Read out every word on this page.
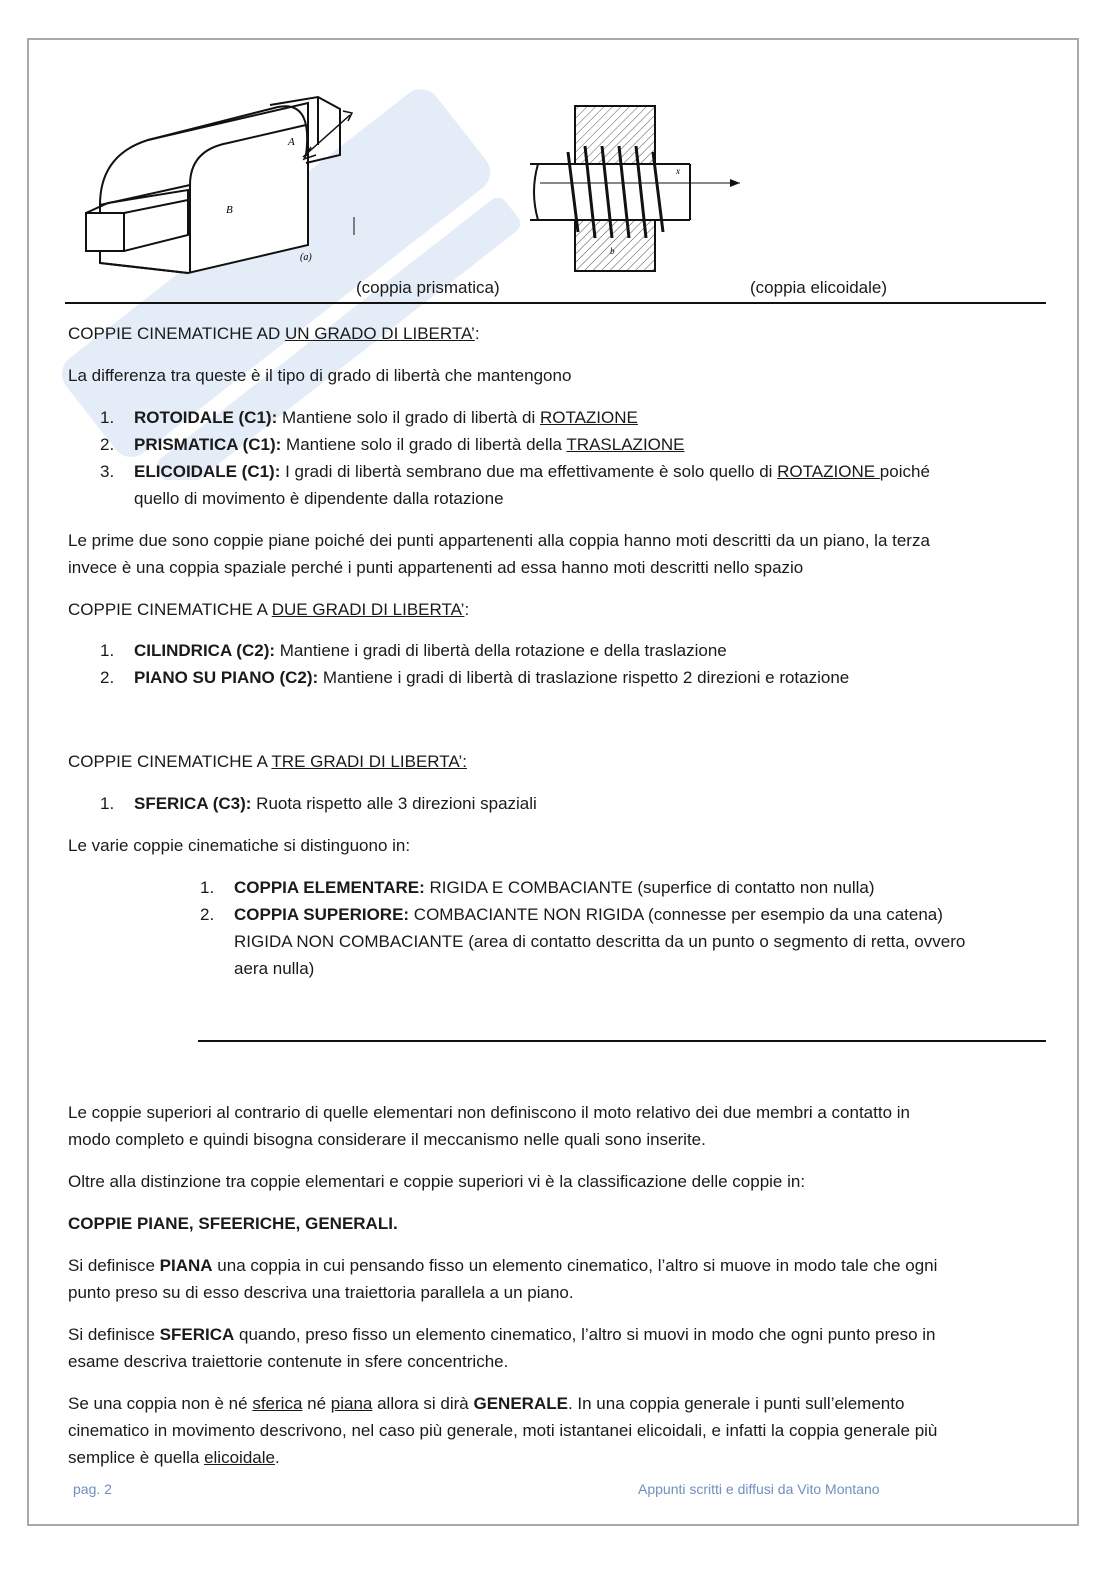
B
A
(a)
x
b
(coppia prismatica)	(coppia elicoidale)
COPPIE CINEMATICHE AD UN GRADO DI LIBERTA’:
La differenza tra queste è il tipo di grado di libertà che mantengono
1. ROTOIDALE (C1): Mantiene solo il grado di libertà di ROTAZIONE
2. PRISMATICA (C1): Mantiene solo il grado di libertà della TRASLAZIONE
3. ELICOIDALE (C1): I gradi di libertà sembrano due ma effettivamente è solo quello di ROTAZIONE poiché
quello di movimento è dipendente dalla rotazione
Le prime due sono coppie piane poiché dei punti appartenenti alla coppia hanno moti descritti da un piano, la terza
invece è una coppia spaziale perché i punti appartenenti ad essa hanno moti descritti nello spazio
COPPIE CINEMATICHE A DUE GRADI DI LIBERTA’:
1. CILINDRICA (C2): Mantiene i gradi di libertà della rotazione e della traslazione
2. PIANO SU PIANO (C2): Mantiene i gradi di libertà di traslazione rispetto 2 direzioni e rotazione
COPPIE CINEMATICHE A TRE GRADI DI LIBERTA’:
1. SFERICA (C3): Ruota rispetto alle 3 direzioni spaziali
Le varie coppie cinematiche si distinguono in:
1. COPPIA ELEMENTARE: RIGIDA E COMBACIANTE (superfice di contatto non nulla)
2. COPPIA SUPERIORE: COMBACIANTE NON RIGIDA (connesse per esempio da una catena)
RIGIDA NON COMBACIANTE (area di contatto descritta da un punto o segmento di retta, ovvero
aera nulla)
Le coppie superiori al contrario di quelle elementari non definiscono il moto relativo dei due membri a contatto in
modo completo e quindi bisogna considerare il meccanismo nelle quali sono inserite.
Oltre alla distinzione tra coppie elementari e coppie superiori vi è la classificazione delle coppie in:
COPPIE PIANE, SFEERICHE, GENERALI.
Si definisce PIANA una coppia in cui pensando fisso un elemento cinematico, l’altro si muove in modo tale che ogni
punto preso su di esso descriva una traiettoria parallela a un piano.
Si definisce SFERICA quando, preso fisso un elemento cinematico, l’altro si muovi in modo che ogni punto preso in
esame descriva traiettorie contenute in sfere concentriche.
Se una coppia non è né sferica né piana allora si dirà GENERALE. In una coppia generale i punti sull’elemento
cinematico in movimento descrivono, nel caso più generale, moti istantanei elicoidali, e infatti la coppia generale più
semplice è quella elicoidale.
pag. 2	Appunti scritti e diffusi da Vito Montano
